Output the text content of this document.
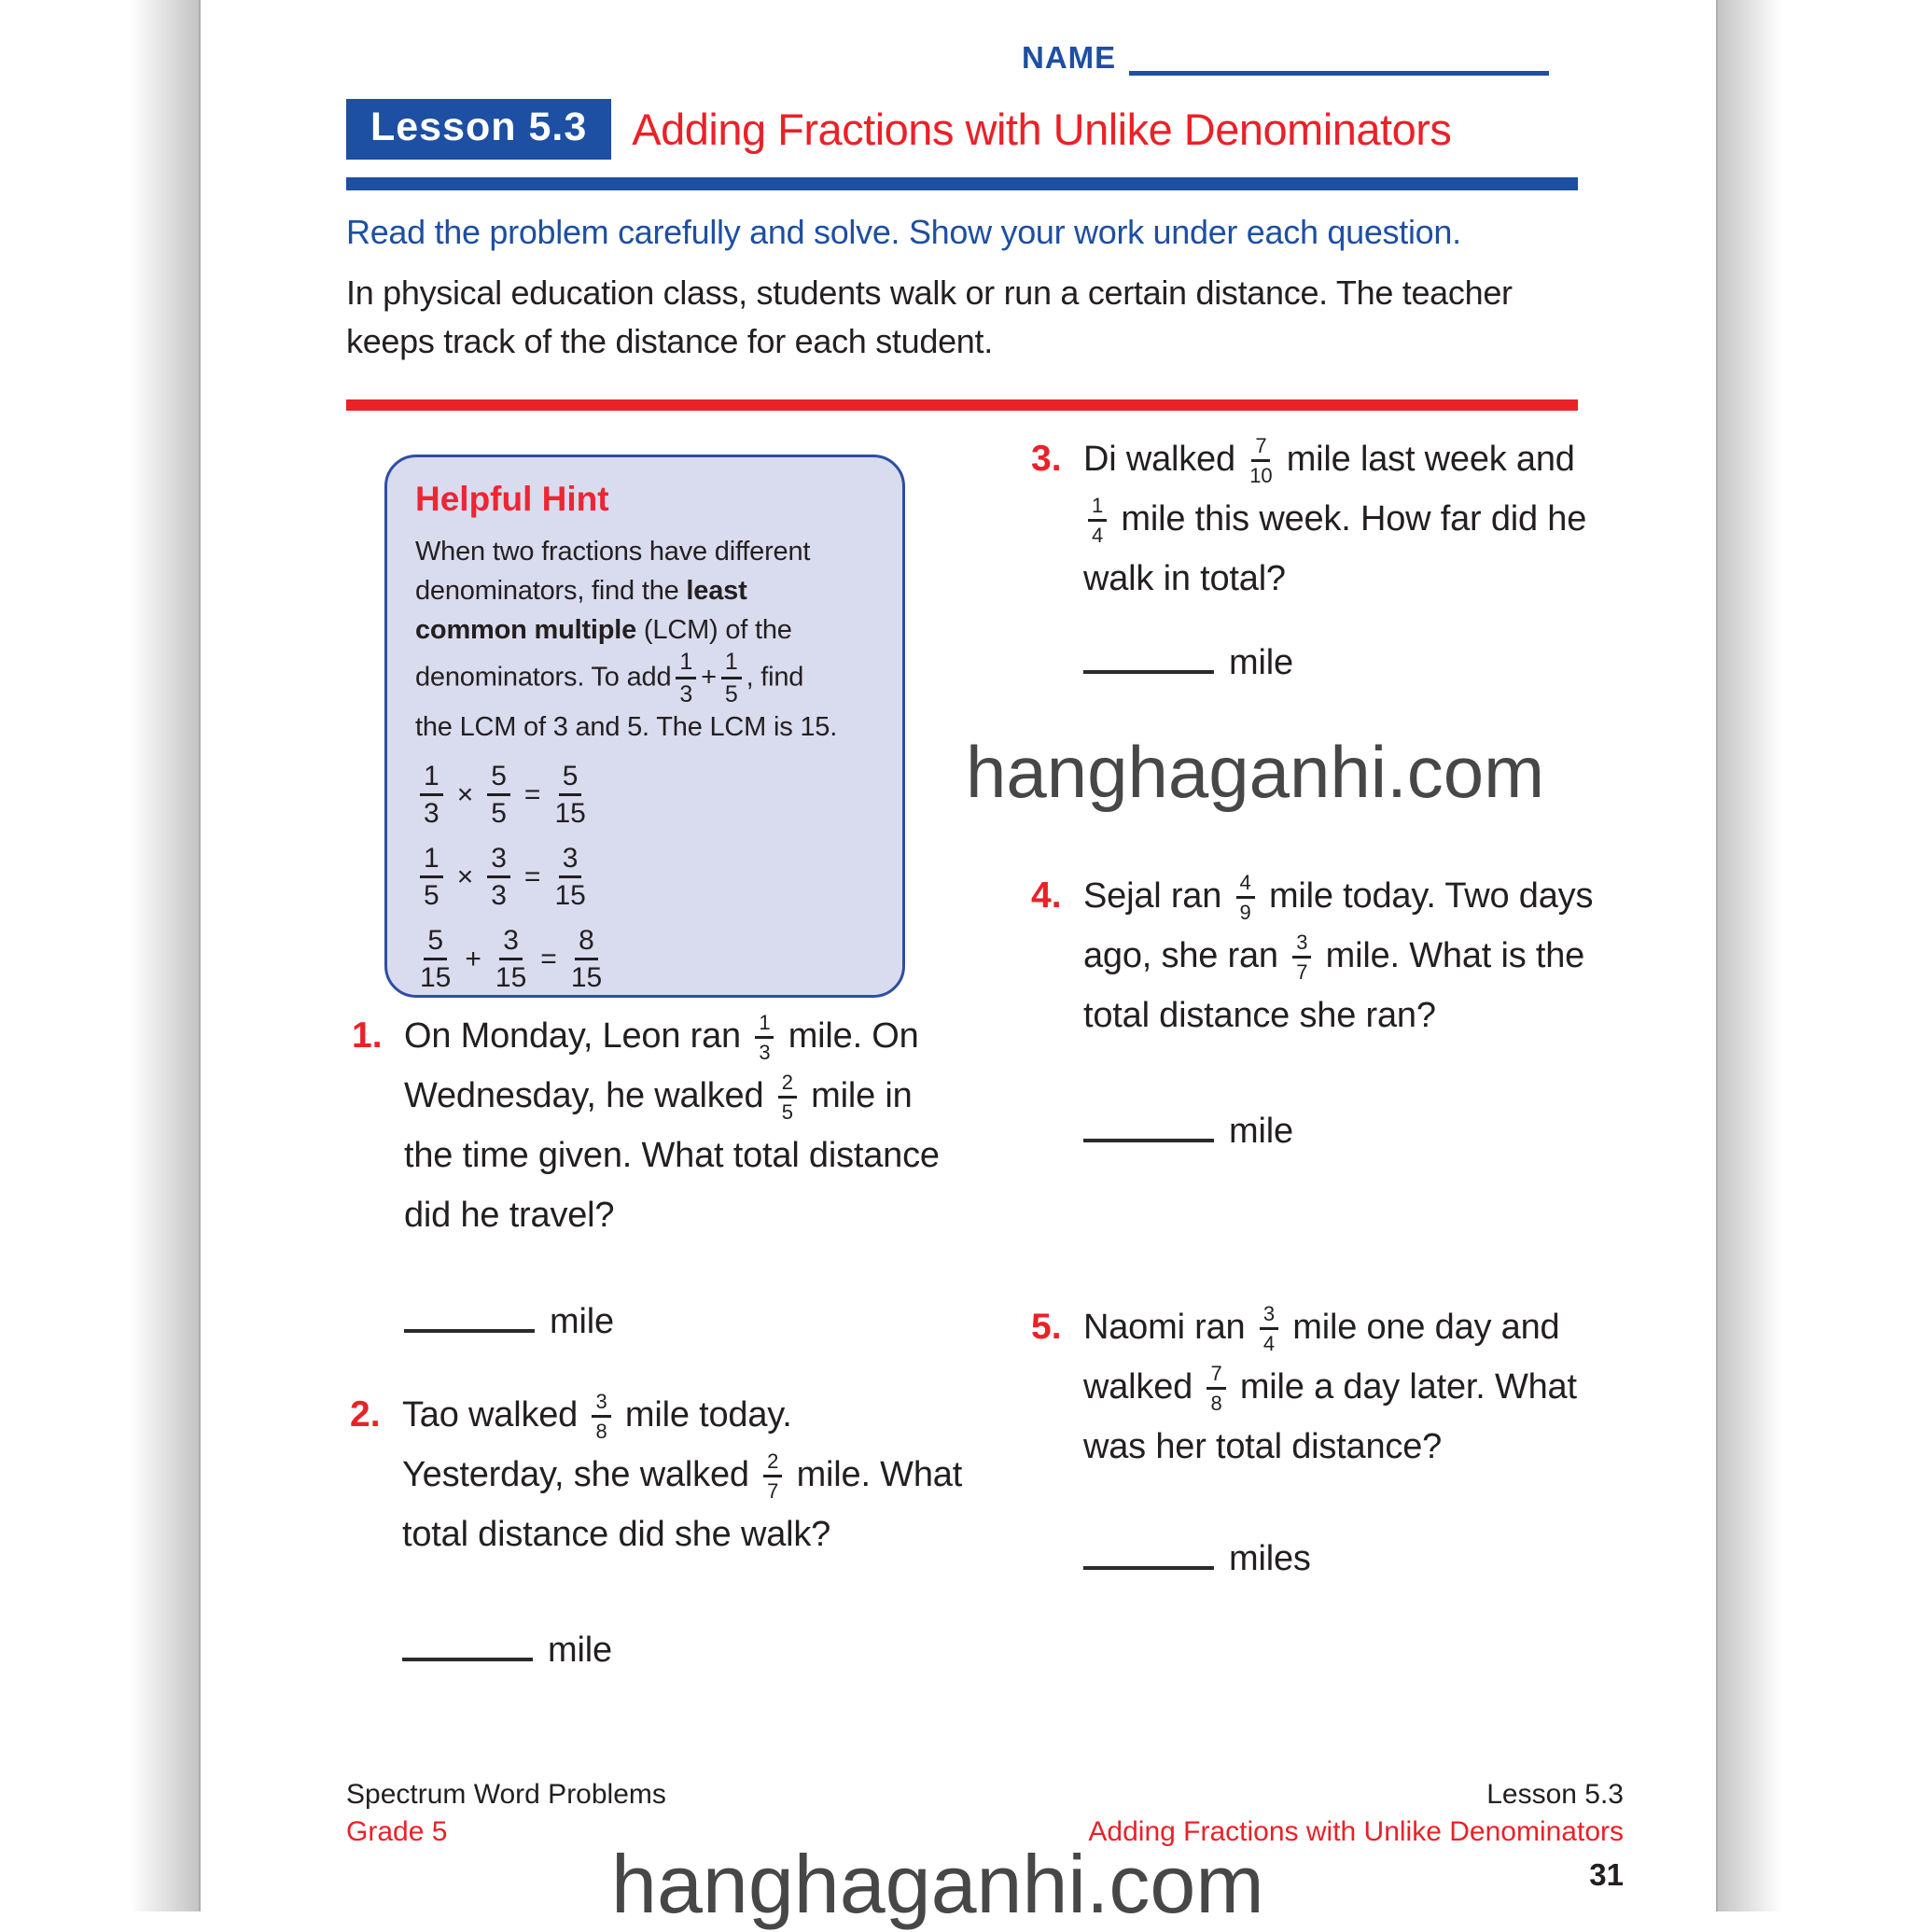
NAME
Lesson 5.3	Adding Fractions with Unlike Denominators

Read the problem carefully and solve. Show your work under each question.

In physical education class, students walk or run a certain distance. The teacher
keeps track of the distance for each student.

Helpful Hint
When two fractions have different
denominators, find the least
common multiple (LCM) of the
denominators. To add $\frac{1}{3} + \frac{1}{5}$ , find
the LCM of 3 and 5. The LCM is 15.
$\frac{1}{3} \times \frac{5}{5} = \frac{5}{15}$
$\frac{1}{5} \times \frac{3}{3} = \frac{3}{15}$
$\frac{5}{15} + \frac{3}{15} = \frac{8}{15}$
1. On Monday, Leon ran $\frac{1}{3}$ mile. On
Wednesday, he walked $\frac{2}{5}$ mile in
the time given. What total distance
did he travel?
mile
2. Tao walked $\frac{3}{8}$ mile today.
Yesterday, she walked $\frac{2}{7}$ mile. What
total distance did she walk?
mile
3. Di walked $\frac{7}{10}$ mile last week and
$\frac{1}{4}$ mile this week. How far did he
walk in total?
mile
hanghaganhi.com
4. Sejal ran $\frac{4}{9}$ mile today. Two days
ago, she ran $\frac{3}{7}$ mile. What is the
total distance she ran?
mile
5. Naomi ran $\frac{3}{4}$ mile one day and
walked $\frac{7}{8}$ mile a day later. What
was her total distance?
miles
Spectrum Word Problems
Grade 5
Lesson 5.3
Adding Fractions with Unlike Denominators
31
hanghaganhi.com
